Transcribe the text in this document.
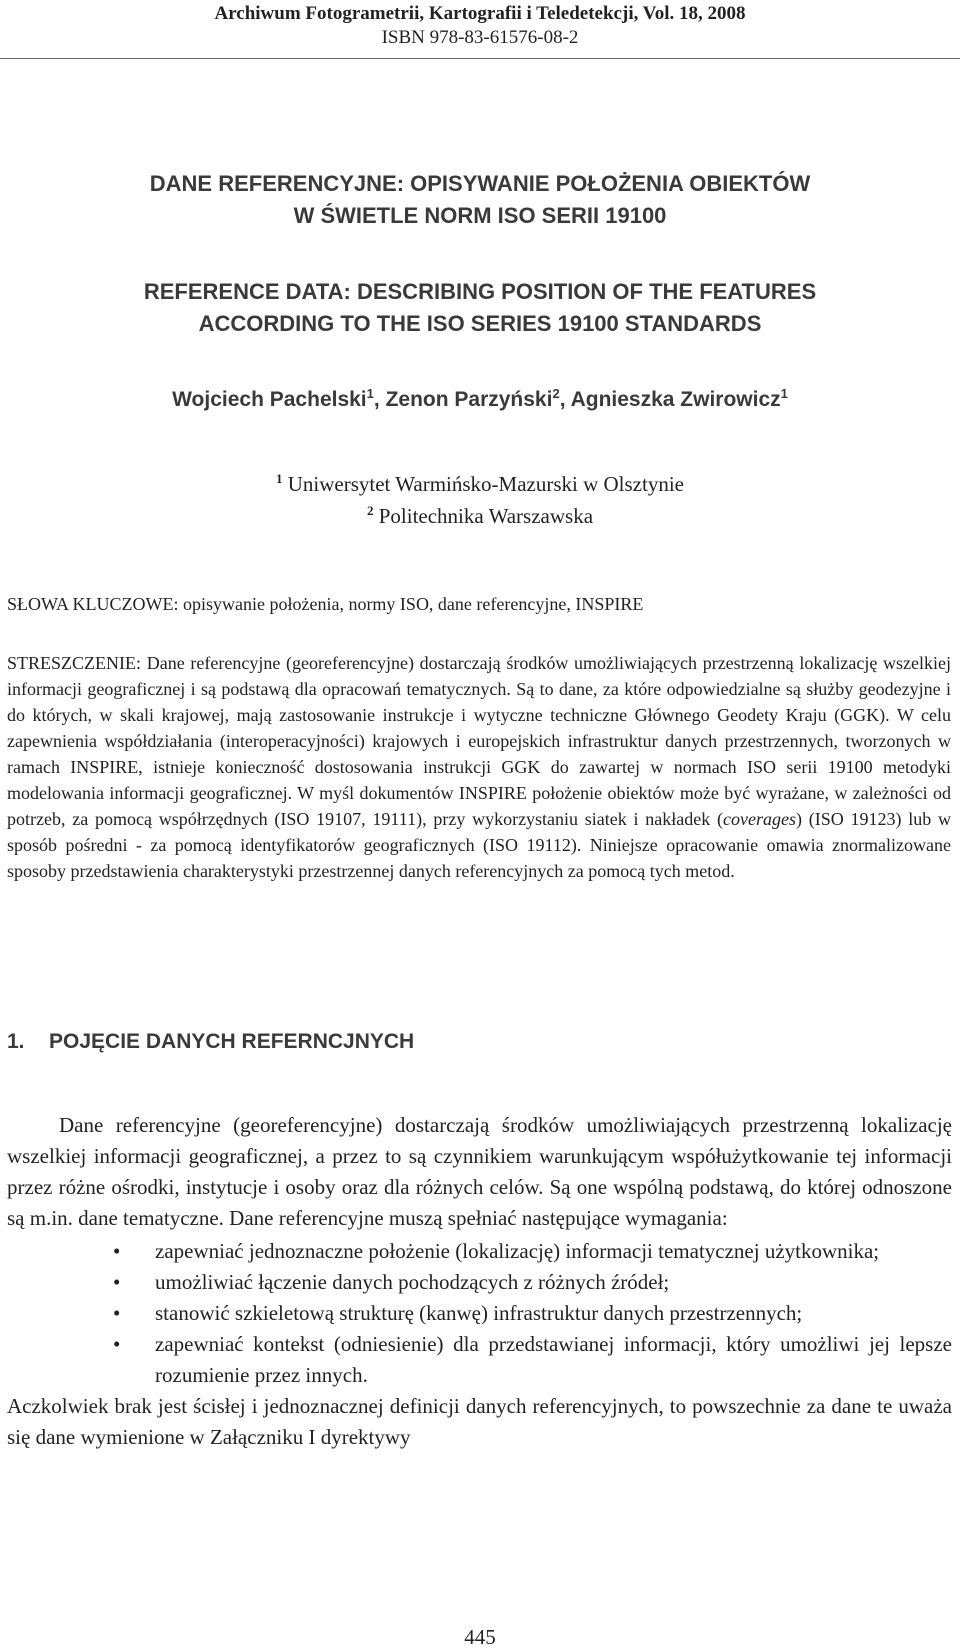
Archiwum Fotogrametrii, Kartografii i Teledetekcji, Vol. 18, 2008
ISBN 978-83-61576-08-2
DANE REFERENCYJNE: OPISYWANIE POŁOŻENIA OBIEKTÓW
W ŚWIETLE NORM ISO SERII 19100
REFERENCE DATA: DESCRIBING POSITION OF THE FEATURES
ACCORDING TO THE ISO SERIES 19100 STANDARDS
Wojciech Pachelski$^1$, Zenon Parzyński$^2$, Agnieszka Zwirowicz$^1$
$^1$ Uniwersytet Warmińsko-Mazurski w Olsztynie
$^2$ Politechnika Warszawska
SŁOWA KLUCZOWE: opisywanie położenia, normy ISO, dane referencyjne, INSPIRE
STRESZCZENIE: Dane referencyjne (georeferencyjne) dostarczają środków umożliwiających przestrzenną lokalizację wszelkiej informacji geograficznej i są podstawą dla opracowań tematycznych. Są to dane, za które odpowiedzialne są służby geodezyjne i do których, w skali krajowej, mają zastosowanie instrukcje i wytyczne techniczne Głównego Geodety Kraju (GGK). W celu zapewnienia współdziałania (interoperacyjności) krajowych i europejskich infrastruktur danych przestrzennych, tworzonych w ramach INSPIRE, istnieje konieczność dostosowania instrukcji GGK do zawartej w normach ISO serii 19100 metodyki modelowania informacji geograficznej. W myśl dokumentów INSPIRE położenie obiektów może być wyrażane, w zależności od potrzeb, za pomocą współrzędnych (ISO 19107, 19111), przy wykorzystaniu siatek i nakładek (coverages) (ISO 19123) lub w sposób pośredni - za pomocą identyfikatorów geograficznych (ISO 19112). Niniejsze opracowanie omawia znormalizowane sposoby przedstawienia charakterystyki przestrzennej danych referencyjnych za pomocą tych metod.
1. POJĘCIE DANYCH REFERNCJNYCH

Dane referencyjne (georeferencyjne) dostarczają środków umożliwiających przestrzenną lokalizację wszelkiej informacji geograficznej, a przez to są czynnikiem warunkującym współużytkowanie tej informacji przez różne ośrodki, instytucje i osoby oraz dla różnych celów. Są one wspólną podstawą, do której odnoszone są m.in. dane tematyczne. Dane referencyjne muszą spełniać następujące wymagania:

• zapewniać jednoznaczne położenie (lokalizację) informacji tematycznej użytkownika;
• umożliwiać łączenie danych pochodzących z różnych źródeł;
• stanowić szkieletową strukturę (kanwę) infrastruktur danych przestrzennych;
• zapewniać kontekst (odniesienie) dla przedstawianej informacji, który umożliwi jej lepsze rozumienie przez innych.

Aczkolwiek brak jest ścisłej i jednoznacznej definicji danych referencyjnych, to powszechnie za dane te uważa się dane wymienione w Załączniku I dyrektywy

445
